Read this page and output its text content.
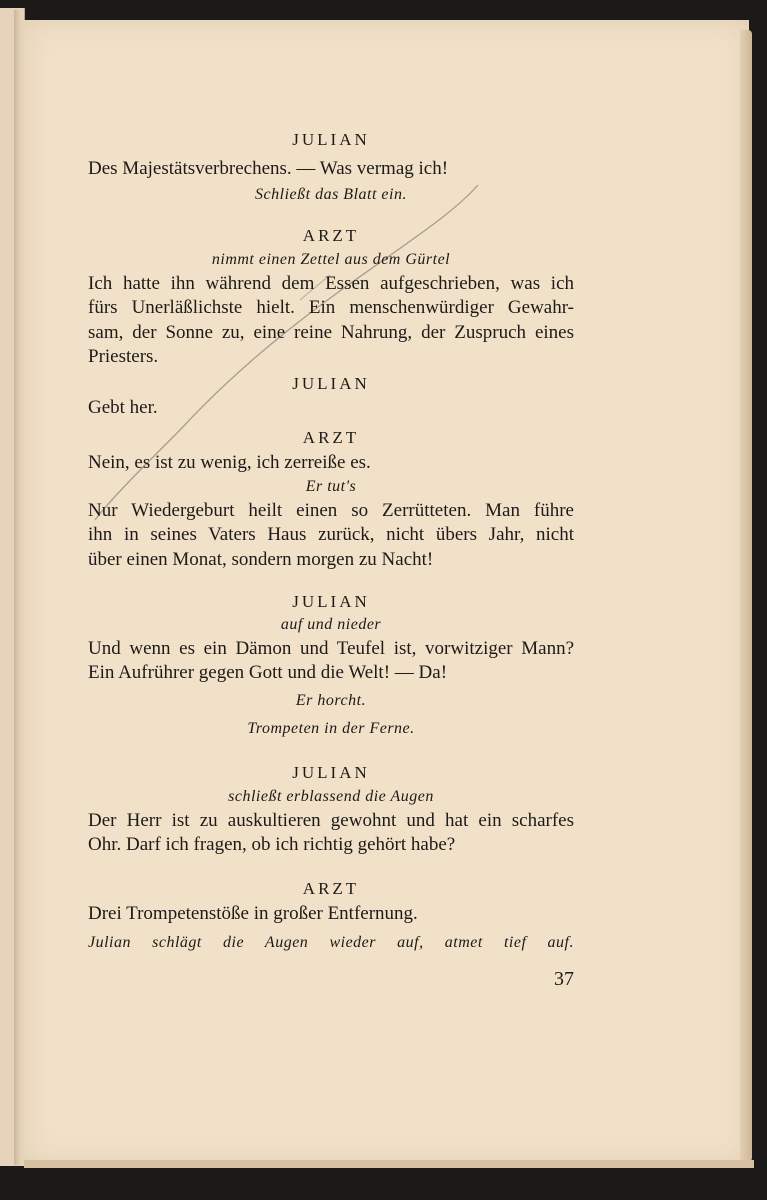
JULIAN
Des Majestätsverbrechens. — Was vermag ich!
Schließt das Blatt ein.
ARZT
nimmt einen Zettel aus dem Gürtel
Ich hatte ihn während dem Essen aufgeschrieben, was ich
fürs Unerläßlichste hielt. Ein menschenwürdiger Gewahr-
sam, der Sonne zu, eine reine Nahrung, der Zuspruch eines
Priesters.
JULIAN
Gebt her.
ARZT
Nein, es ist zu wenig, ich zerreiße es.
Er tut's
Nur Wiedergeburt heilt einen so Zerrütteten. Man führe
ihn in seines Vaters Haus zurück, nicht übers Jahr, nicht
über einen Monat, sondern morgen zu Nacht!
JULIAN
auf und nieder
Und wenn es ein Dämon und Teufel ist, vorwitziger Mann?
Ein Aufrührer gegen Gott und die Welt! — Da!
Er horcht.
Trompeten in der Ferne.
JULIAN
schließt erblassend die Augen
Der Herr ist zu auskultieren gewohnt und hat ein scharfes
Ohr. Darf ich fragen, ob ich richtig gehört habe?
ARZT
Drei Trompetenstöße in großer Entfernung.
Julian schlägt die Augen wieder auf, atmet tief auf.
37
